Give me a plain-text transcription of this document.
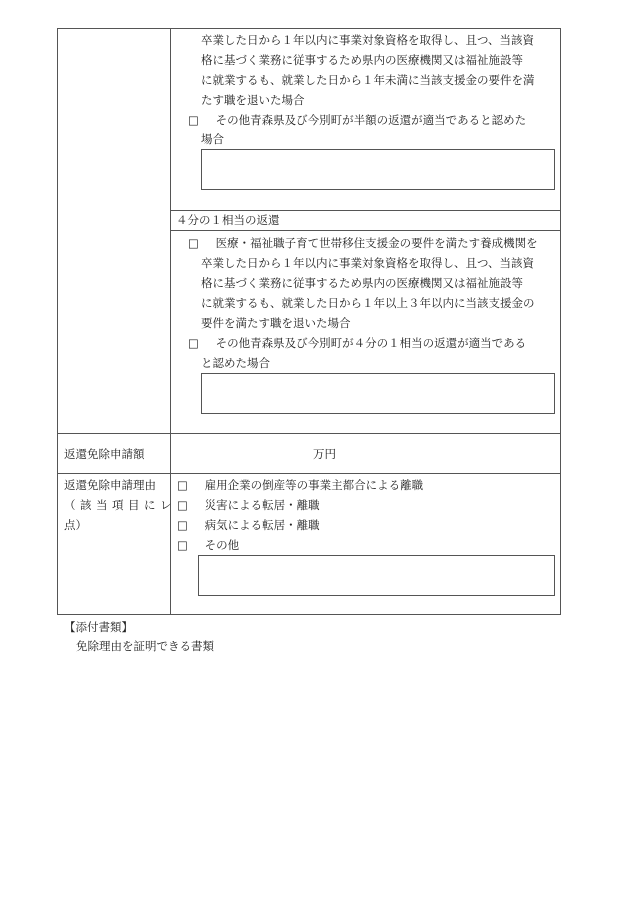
卒業した日から１年以内に事業対象資格を取得し、且つ、当該資
格に基づく業務に従事するため県内の医療機関又は福祉施設等
に就業するも、就業した日から１年未満に当該支援金の要件を満
たす職を退いた場合
□ その他青森県及び今別町が半額の返還が適当であると認めた
場合
４分の１相当の返還
□ 医療・福祉職子育て世帯移住支援金の要件を満たす養成機関を
卒業した日から１年以内に事業対象資格を取得し、且つ、当該資
格に基づく業務に従事するため県内の医療機関又は福祉施設等
に就業するも、就業した日から１年以上３年以内に当該支援金の
要件を満たす職を退いた場合
□ その他青森県及び今別町が４分の１相当の返還が適当である
と認めた場合
返還免除申請額	万円
返還免除申請理由
（該当項目にレ
点）
□ 雇用企業の倒産等の事業主都合による離職
□ 災害による転居・離職
□ 病気による転居・離職
□ その他
【添付書類】
免除理由を証明できる書類
